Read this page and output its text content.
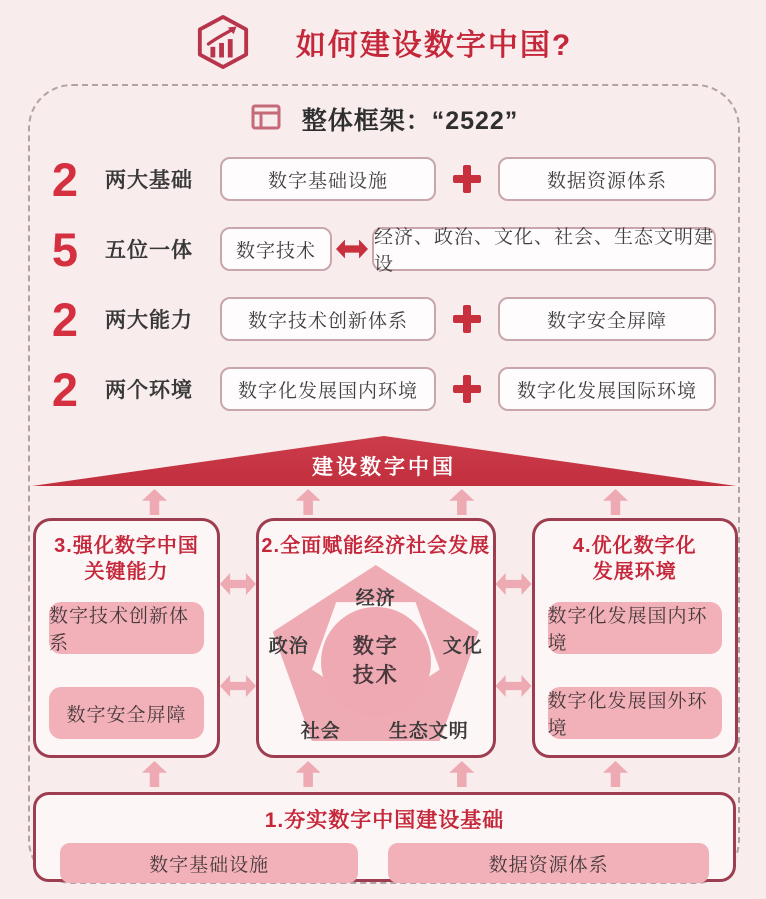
如何建设数字中国?
整体框架：“2522”
2	两大基础	数字基础设施	数据资源体系
5	五位一体	数字技术
经济、政治、文化、社会、生态文明建设
2	两大能力	数字技术创新体系	数字安全屏障
2	两个环境	数字化发展国内环境	数字化发展国际环境
建设数字中国
3.强化数字中国
关键能力
数字技术创新体系
数字安全屏障
2.全面赋能经济社会发展
数字
技术
经济
政治	文化
社会	生态文明
4.优化数字化
发展环境
数字化发展国内环境
数字化发展国外环境
1.夯实数字中国建设基础
数字基础设施	数据资源体系
